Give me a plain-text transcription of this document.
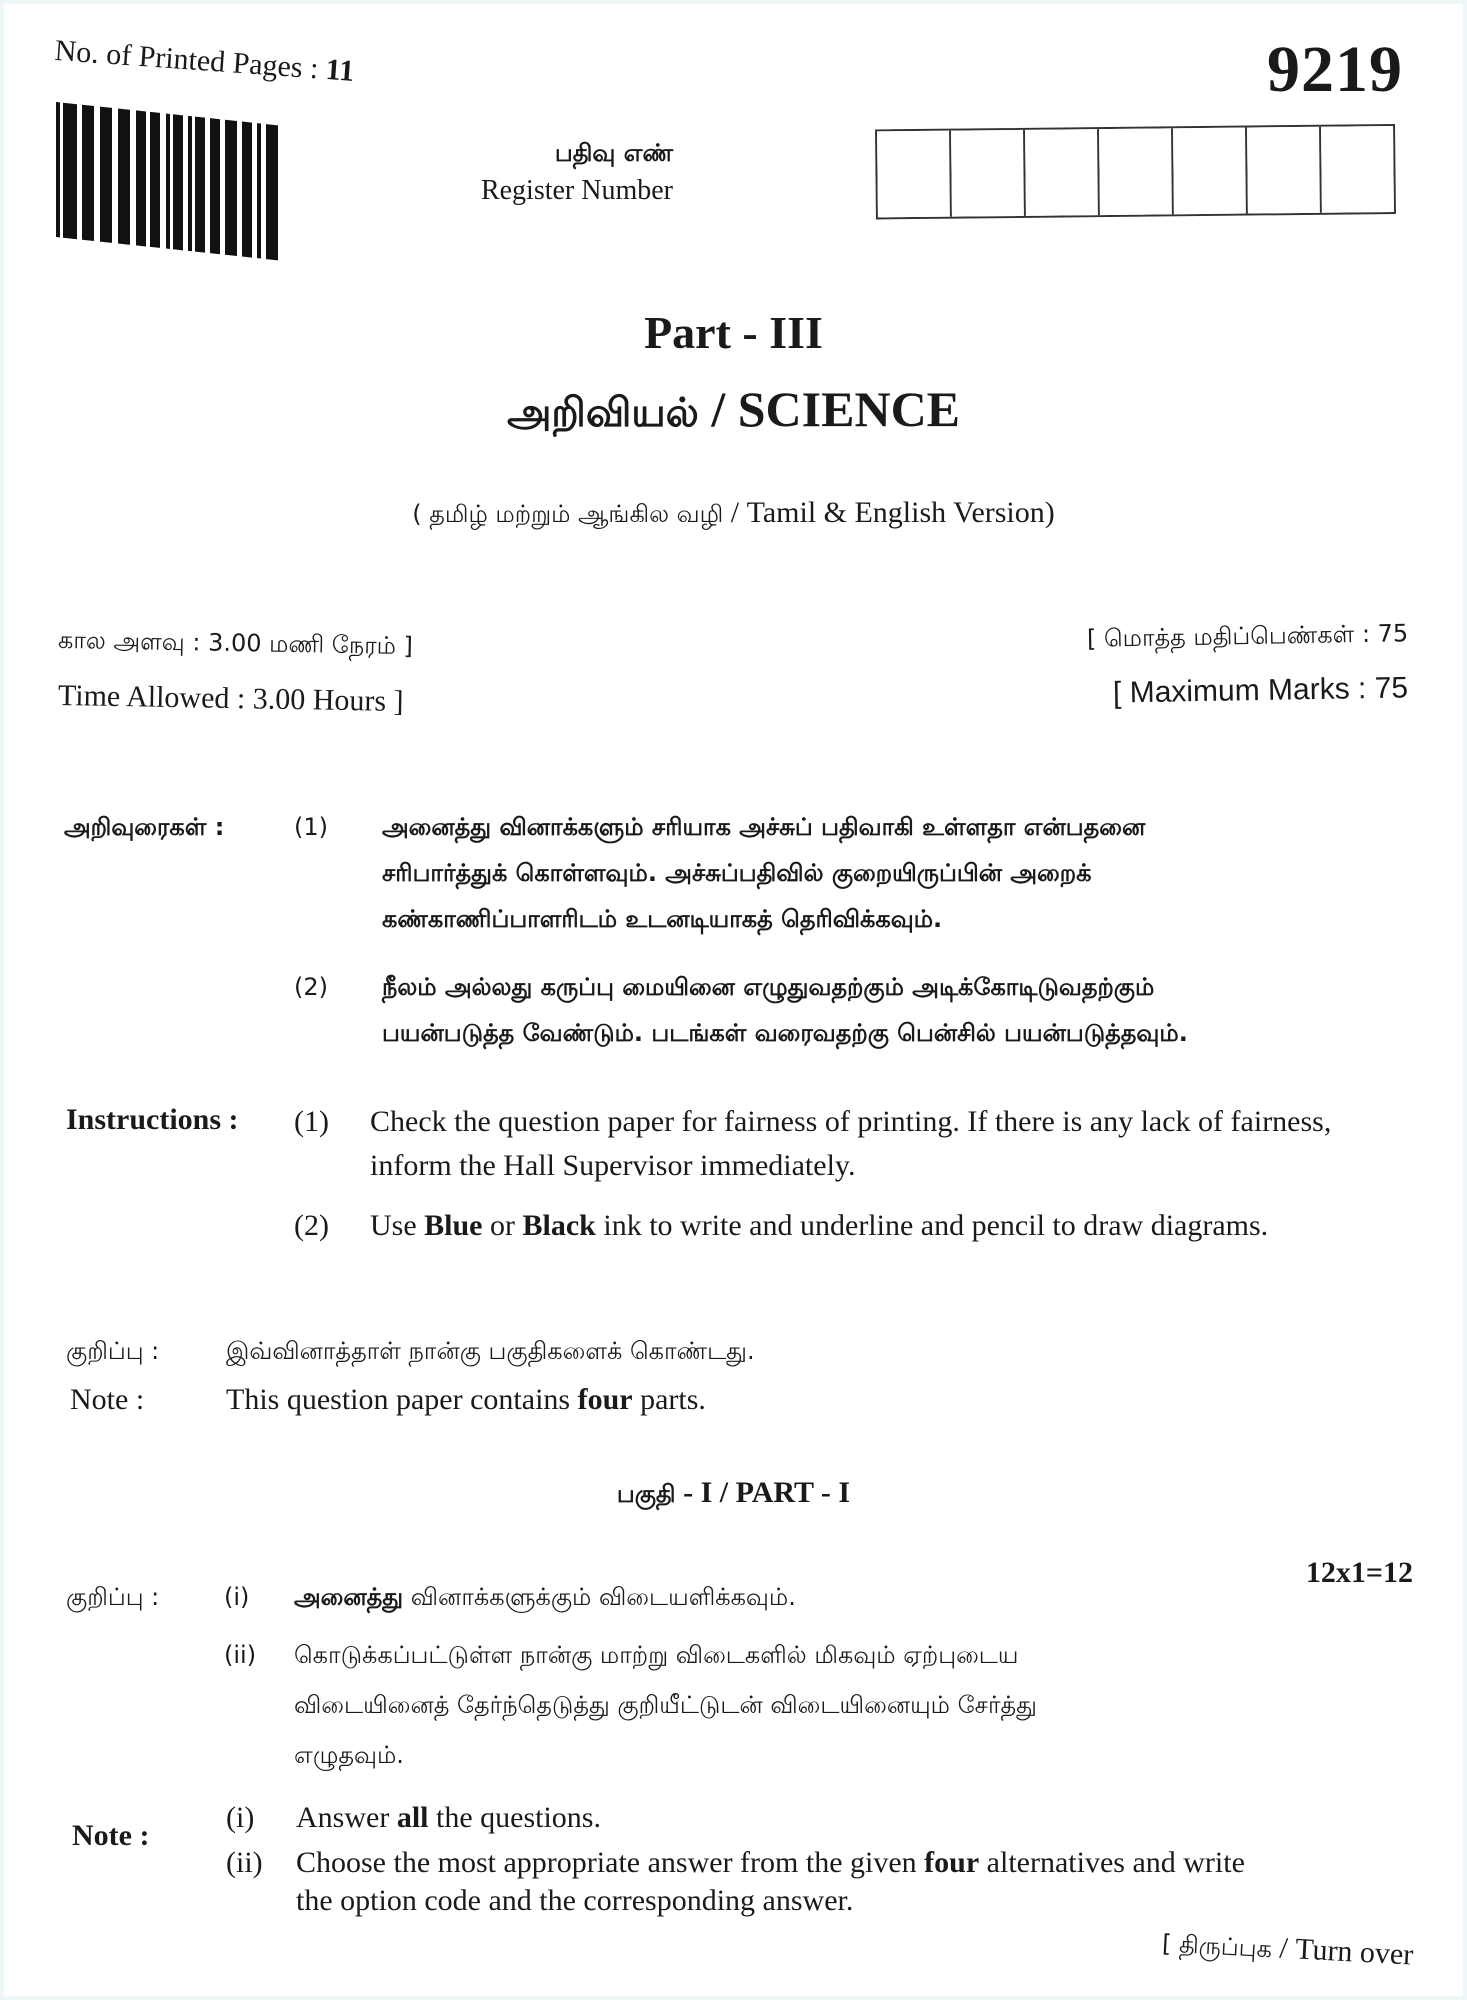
No. of Printed Pages : 11	9219
பதிவு எண்
Register Number
Part - III
அறிவியல் / SCIENCE
( தமிழ் மற்றும் ஆங்கில வழி / Tamil & English Version)
கால அளவு : 3.00 மணி நேரம் ]
Time Allowed : 3.00 Hours ]
[ மொத்த மதிப்பெண்கள் : 75
[ Maximum Marks : 75
அறிவுரைகள் :	(1)	அனைத்து வினாக்களும் சரியாக அச்சுப் பதிவாகி உள்ளதா என்பதனை
சரிபார்த்துக் கொள்ளவும். அச்சுப்பதிவில் குறையிருப்பின் அறைக்
கண்காணிப்பாளரிடம் உடனடியாகத் தெரிவிக்கவும்.
(2)	நீலம் அல்லது கருப்பு மையினை எழுதுவதற்கும் அடிக்கோடிடுவதற்கும்
பயன்படுத்த வேண்டும். படங்கள் வரைவதற்கு பென்சில் பயன்படுத்தவும்.
Instructions : (1)	Check the question paper for fairness of printing. If there is any lack of fairness,
inform the Hall Supervisor immediately.
(2)	Use Blue or Black ink to write and underline and pencil to draw diagrams.
குறிப்பு :	இவ்வினாத்தாள் நான்கு பகுதிகளைக் கொண்டது.
Note :	This question paper contains four parts.
பகுதி - I / PART - I
12x1=12
குறிப்பு :	(i)	அனைத்து வினாக்களுக்கும் விடையளிக்கவும்.
(ii)	கொடுக்கப்பட்டுள்ள நான்கு மாற்று விடைகளில் மிகவும் ஏற்புடைய
விடையினைத் தேர்ந்தெடுத்து குறியீட்டுடன் விடையினையும் சேர்த்து
எழுதவும்.
Note :
(i)	Answer all the questions.
(ii)	Choose the most appropriate answer from the given four alternatives and write
the option code and the corresponding answer.
[ திருப்புக / Turn over
